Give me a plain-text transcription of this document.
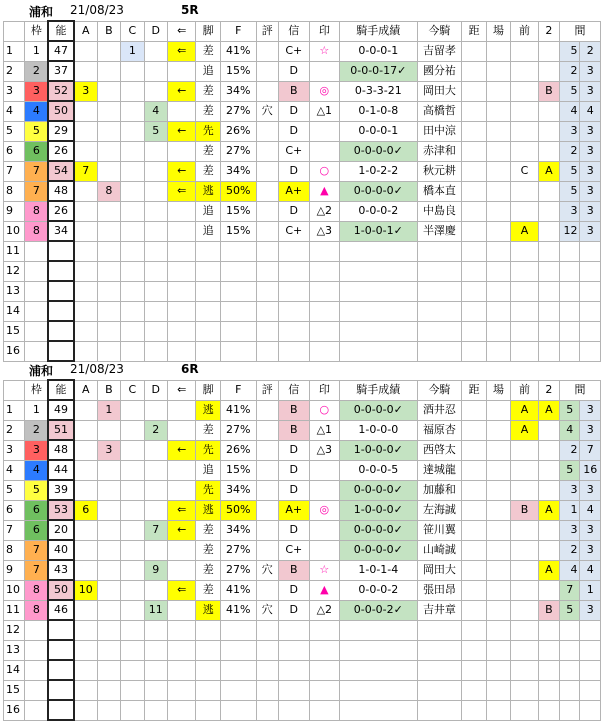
浦和 21/08/23	5R
	枠	能	A	B	C	D	⇐	脚	F	評	信	印	騎手成績	今騎	距	場	前	2	間	
1	1	47			1		⇐	差	41%		C+	☆	0-0-0-1	吉留孝					5	2
2	2	37						追	15%		D		0-0-0-17✓	國分祐					2	3
3	3	52	3				←	差	34%		B	◎	0-3-3-21	岡田大				B	5	3
4	4	50				4		差	27%	穴	D	△1	0-1-0-8	高橋哲					4	4
5	5	29				5	←	先	26%		D		0-0-0-1	田中涼					3	3
6	6	26						差	27%		C+		0-0-0-0✓	赤津和					2	3
7	7	54	7				←	差	34%		D	○	1-0-2-2	秋元耕			C	A	5	3
8	7	48		8			⇐	逃	50%		A+	▲	0-0-0-0✓	橋本直					5	3
9	8	26						追	15%		D	△2	0-0-0-2	中島良					3	3
10	8	34						追	15%		C+	△3	1-0-0-1✓	半澤慶			A		12	3
11																				
12																				
13																				
14																				
15																				
16																				
浦和 21/08/23	6R
	枠	能	A	B	C	D	⇐	脚	F	評	信	印	騎手成績	今騎	距	場	前	2	間	
1	1	49		1				逃	41%		B	○	0-0-0-0✓	酒井忍			A	A	5	3
2	2	51				2		差	27%		B	△1	1-0-0-0	福原杏			A		4	3
3	3	48		3			←	先	26%		D	△3	1-0-0-0✓	西啓太					2	7
4	4	44						追	15%		D		0-0-0-5	達城龍					5	16
5	5	39						先	34%		D		0-0-0-0✓	加藤和					3	3
6	6	53	6				⇐	逃	50%		A+	◎	1-0-0-0✓	左海誠			B	A	1	4
7	6	20				7	←	差	34%		D		0-0-0-0✓	笹川翼					3	3
8	7	40						差	27%		C+		0-0-0-0✓	山崎誠					2	3
9	7	43				9		差	27%	穴	B	☆	1-0-1-4	岡田大				A	4	4
10	8	50	10				⇐	差	41%		D	▲	0-0-0-2	張田昂					7	1
11	8	46				11		逃	41%	穴	D	△2	0-0-0-2✓	吉井章				B	5	3
12																				
13																				
14																				
15																				
16																				
